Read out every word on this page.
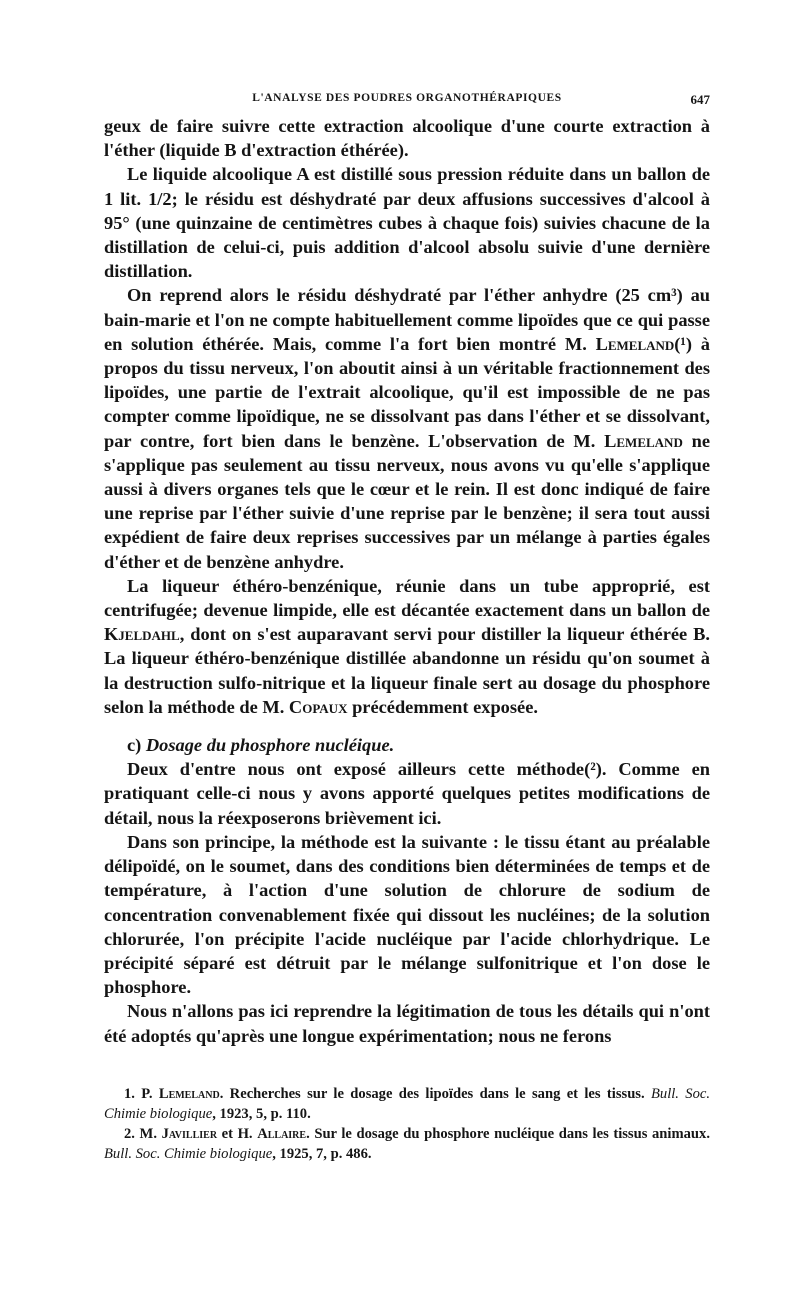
L'ANALYSE DES POUDRES ORGANOTHÉRAPIQUES	647

geux de faire suivre cette extraction alcoolique d'une courte extraction à l'éther (liquide B d'extraction éthérée).

Le liquide alcoolique A est distillé sous pression réduite dans un ballon de 1 lit. 1/2; le résidu est déshydraté par deux affusions successives d'alcool à 95° (une quinzaine de centimètres cubes à chaque fois) suivies chacune de la distillation de celui-ci, puis addition d'alcool absolu suivie d'une dernière distillation.

On reprend alors le résidu déshydraté par l'éther anhydre (25 cm³) au bain-marie et l'on ne compte habituellement comme lipoïdes que ce qui passe en solution éthérée. Mais, comme l'a fort bien montré M. Lemeland(¹) à propos du tissu nerveux, l'on aboutit ainsi à un véritable fractionnement des lipoïdes, une partie de l'extrait alcoolique, qu'il est impossible de ne pas compter comme lipoïdique, ne se dissolvant pas dans l'éther et se dissolvant, par contre, fort bien dans le benzène. L'observation de M. Lemeland ne s'applique pas seulement au tissu nerveux, nous avons vu qu'elle s'applique aussi à divers organes tels que le cœur et le rein. Il est donc indiqué de faire une reprise par l'éther suivie d'une reprise par le benzène; il sera tout aussi expédient de faire deux reprises successives par un mélange à parties égales d'éther et de benzène anhydre.

La liqueur éthéro-benzénique, réunie dans un tube approprié, est centrifugée; devenue limpide, elle est décantée exactement dans un ballon de Kjeldahl, dont on s'est auparavant servi pour distiller la liqueur éthérée B. La liqueur éthéro-benzénique distillée abandonne un résidu qu'on soumet à la destruction sulfo-nitrique et la liqueur finale sert au dosage du phosphore selon la méthode de M. Copaux précédemment exposée.

c) Dosage du phosphore nucléique.

Deux d'entre nous ont exposé ailleurs cette méthode(²). Comme en pratiquant celle-ci nous y avons apporté quelques petites modifications de détail, nous la réexposerons brièvement ici.

Dans son principe, la méthode est la suivante : le tissu étant au préalable délipoïdé, on le soumet, dans des conditions bien déterminées de temps et de température, à l'action d'une solution de chlorure de sodium de concentration convenablement fixée qui dissout les nucléines; de la solution chlorurée, l'on précipite l'acide nucléique par l'acide chlorhydrique. Le précipité séparé est détruit par le mélange sulfonitrique et l'on dose le phosphore.

Nous n'allons pas ici reprendre la légitimation de tous les détails qui n'ont été adoptés qu'après une longue expérimentation; nous ne ferons

1. P. Lemeland. Recherches sur le dosage des lipoïdes dans le sang et les tissus. Bull. Soc. Chimie biologique, 1923, 5, p. 110.

2. M. Javillier et H. Allaire. Sur le dosage du phosphore nucléique dans les tissus animaux. Bull. Soc. Chimie biologique, 1925, 7, p. 486.
